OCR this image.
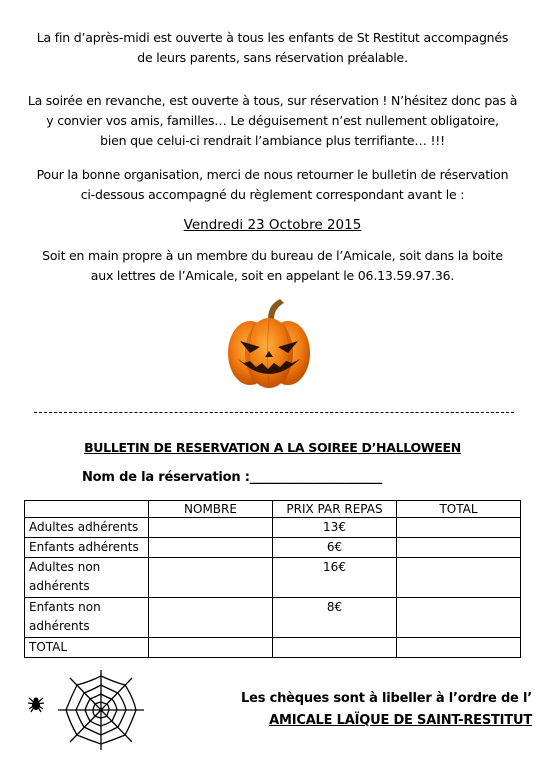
La fin d’après-midi est ouverte à tous les enfants de St Restitut accompagnés
de leurs parents, sans réservation préalable.
La soirée en revanche, est ouverte à tous, sur réservation ! N’hésitez donc pas à
y convier vos amis, familles… Le déguisement n’est nullement obligatoire,
bien que celui-ci rendrait l’ambiance plus terrifiante… !!!
Pour la bonne organisation, merci de nous retourner le bulletin de réservation
ci-dessous accompagné du règlement correspondant avant le :
Vendredi 23 Octobre 2015
Soit en main propre à un membre du bureau de l’Amicale, soit dans la boite
aux lettres de l’Amicale, soit en appelant le 06.13.59.97.36.
BULLETIN DE RESERVATION A LA SOIREE D’HALLOWEEN
Nom de la réservation :_____________________
	NOMBRE	PRIX PAR REPAS	TOTAL
Adultes adhérents		13€	
Enfants adhérents		6€	
Adultes non adhérents		16€	
Enfants non adhérents		8€	
TOTAL			
Les chèques sont à libeller à l’ordre de l’
AMICALE LAÏQUE DE SAINT-RESTITUT
